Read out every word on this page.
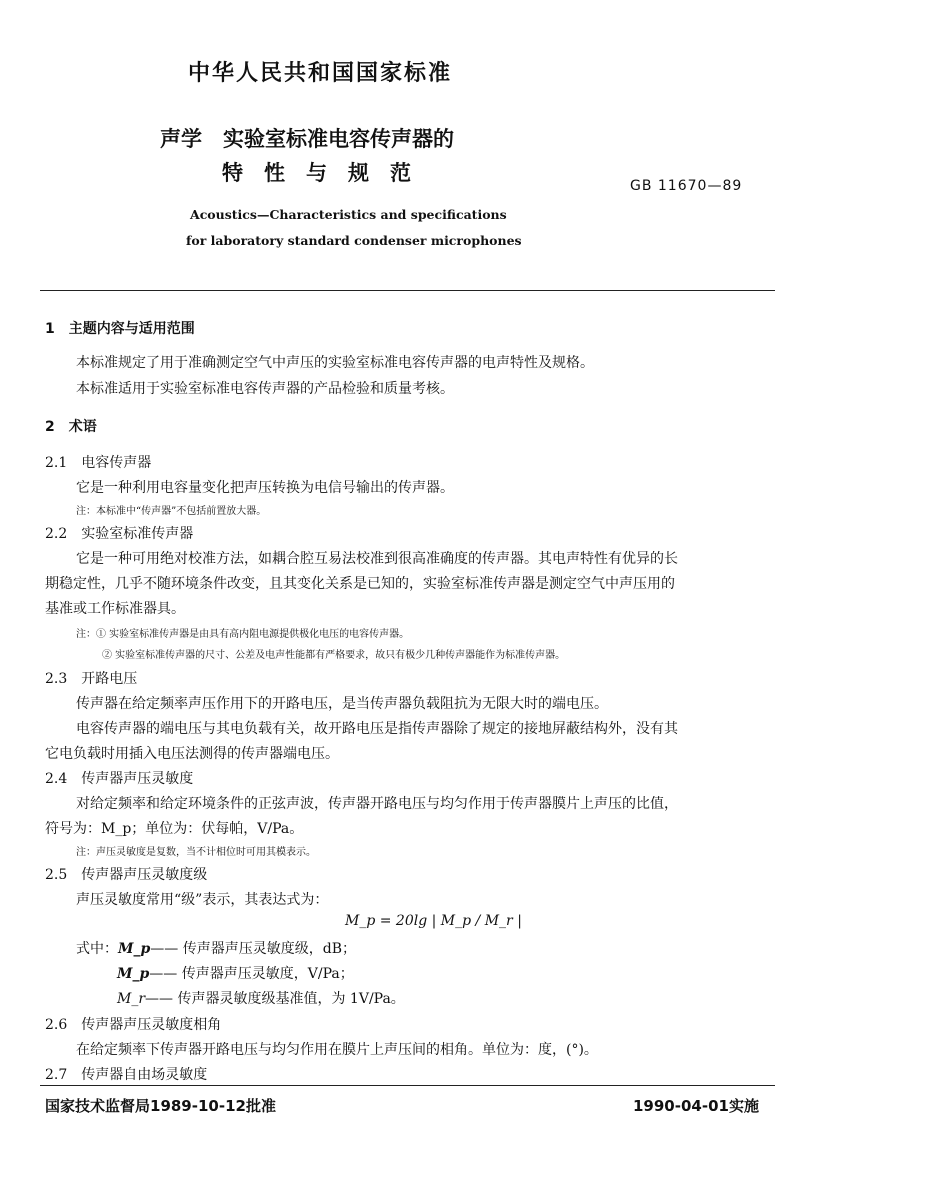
中华人民共和国国家标准
声学　实验室标准电容传声器的
特　性　与　规　范
GB 11670—89
Acoustics—Characteristics and specifications
for laboratory standard condenser microphones
1　主题内容与适用范围
本标准规定了用于准确测定空气中声压的实验室标准电容传声器的电声特性及规格。
本标准适用于实验室标准电容传声器的产品检验和质量考核。
2　术语
2.1　电容传声器
它是一种利用电容量变化把声压转换为电信号输出的传声器。
注：本标准中“传声器”不包括前置放大器。
2.2　实验室标准传声器
它是一种可用绝对校准方法，如耦合腔互易法校准到很高准确度的传声器。其电声特性有优异的长
期稳定性，几乎不随环境条件改变，且其变化关系是已知的，实验室标准传声器是测定空气中声压用的
基准或工作标准器具。
注：① 实验室标准传声器是由具有高内阻电源提供极化电压的电容传声器。
② 实验室标准传声器的尺寸、公差及电声性能都有严格要求，故只有极少几种传声器能作为标准传声器。
2.3　开路电压
传声器在给定频率声压作用下的开路电压，是当传声器负载阻抗为无限大时的端电压。
电容传声器的端电压与其电负载有关，故开路电压是指传声器除了规定的接地屏蔽结构外，没有其
它电负载时用插入电压法测得的传声器端电压。
2.4　传声器声压灵敏度
对给定频率和给定环境条件的正弦声波，传声器开路电压与均匀作用于传声器膜片上声压的比值，
符号为：M_p；单位为：伏每帕，V/Pa。
注：声压灵敏度是复数，当不计相位时可用其模表示。
2.5　传声器声压灵敏度级
声压灵敏度常用“级”表示，其表达式为：
M_p = 20lg | M_p / M_r |
式中：M_p—— 传声器声压灵敏度级，dB；
M_p—— 传声器声压灵敏度，V/Pa；
M_r—— 传声器灵敏度级基准值，为 1V/Pa。
2.6　传声器声压灵敏度相角
在给定频率下传声器开路电压与均匀作用在膜片上声压间的相角。单位为：度，(°)。
2.7　传声器自由场灵敏度
国家技术监督局1989-10-12批准	1990-04-01实施
